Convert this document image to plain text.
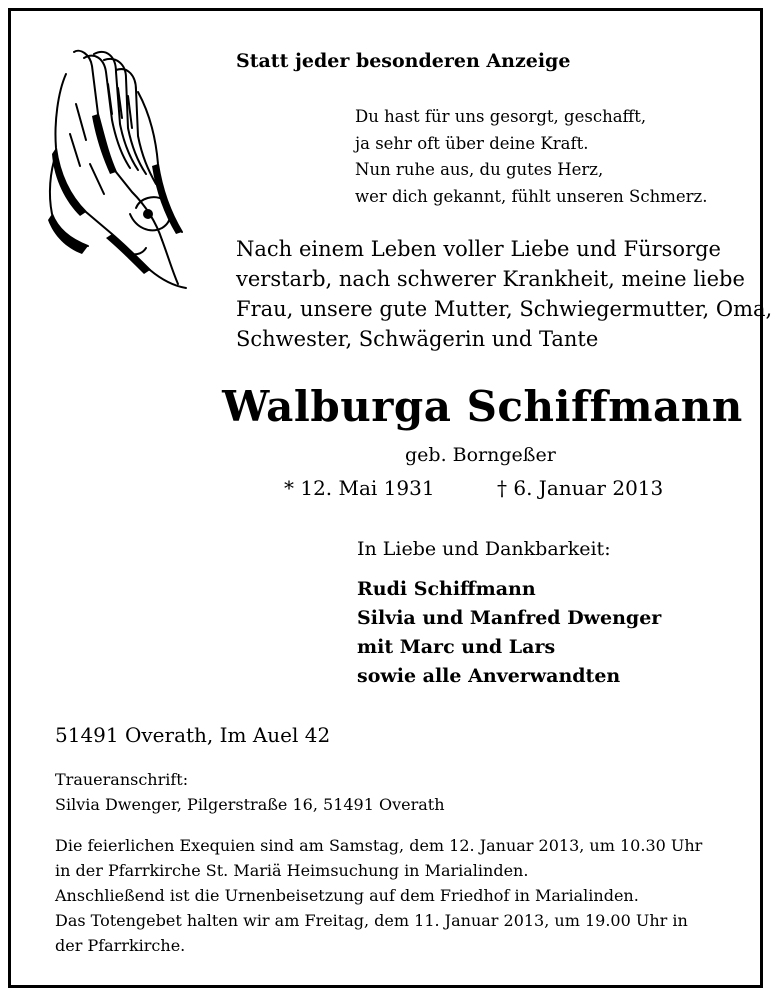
Statt jeder besonderen Anzeige
Du hast für uns gesorgt, geschafft,
ja sehr oft über deine Kraft.
Nun ruhe aus, du gutes Herz,
wer dich gekannt, fühlt unseren Schmerz.
Nach einem Leben voller Liebe und Fürsorge
verstarb, nach schwerer Krankheit, meine liebe
Frau, unsere gute Mutter, Schwiegermutter, Oma,
Schwester, Schwägerin und Tante
Walburga Schiffmann
geb. Borngeßer
* 12. Mai 1931	† 6. Januar 2013
In Liebe und Dankbarkeit:
Rudi Schiffmann
Silvia und Manfred Dwenger
mit Marc und Lars
sowie alle Anverwandten
51491 Overath, Im Auel 42
Traueranschrift:
Silvia Dwenger, Pilgerstraße 16, 51491 Overath
Die feierlichen Exequien sind am Samstag, dem 12. Januar 2013, um 10.30 Uhr
in der Pfarrkirche St. Mariä Heimsuchung in Marialinden.
Anschließend ist die Urnenbeisetzung auf dem Friedhof in Marialinden.
Das Totengebet halten wir am Freitag, dem 11. Januar 2013, um 19.00 Uhr in
der Pfarrkirche.
